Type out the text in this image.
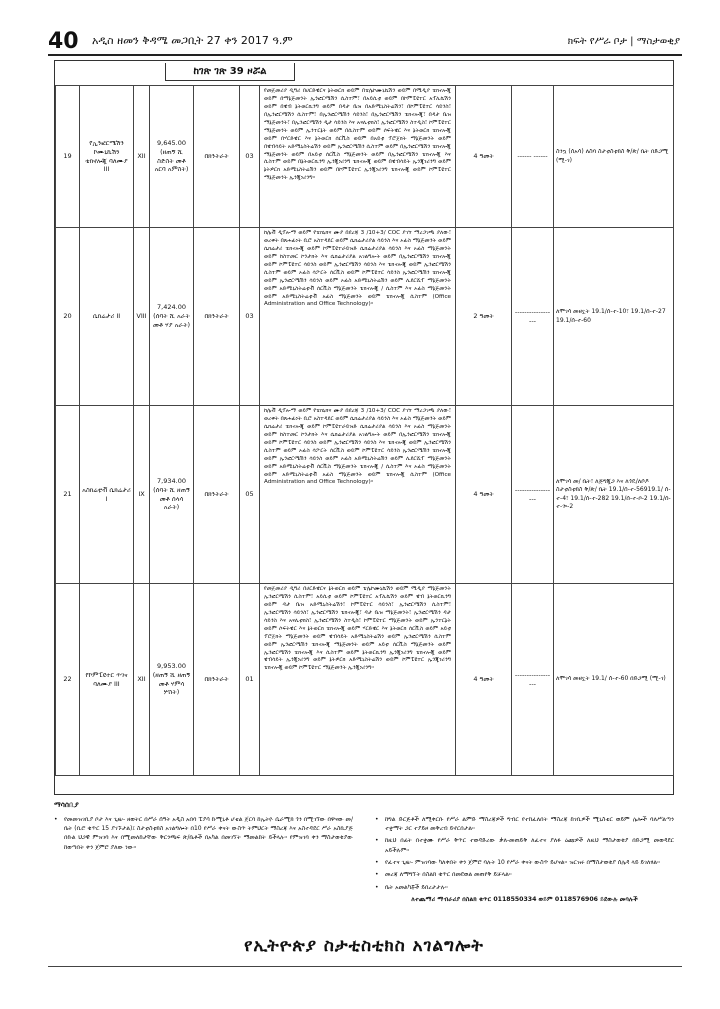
40	አዲስ ዘመን ቅዳሜ መጋቢት 27 ቀን 2017 ዓ.ም	ክፍት የሥራ ቦታ | ማስታወቂያ
ከገጽ ገጽ 39 ዞሯል
19	የኢንፎርሜሽን ኮሙኒኬሽን ቴክኖሎጂ ባለሙያ III	XII	9,645.00 (ዘጠኝ ሺ ስድስት መቶ አርባ አምስት)	በክንትራት	03	የመጀመሪያ ዲግሪ በሀርድዌርና ኔትወርክ ወይም በቴሌኮሙኒኬሽን ወይም በሚዲያ ቴክኖሎጂ ወይም በማኔጅመንት ኢንፎርሜሽን ሲስተም፣ በአይሲቲ ወይም በኮምፒዩተር አፕሊኬሽን ወይም በዌብ ኔትወርኪንግ ወይም በዳታ ቤዝ በአድሚኒስትሬሽን፣ በኮምፒዩተር ሳይንስ፣ በኢንፎርሜሽን ሲስተም፣ በኢንፎርሜሽን ሳይንስ፣ በኢንፎርሜሽን ቴክኖሎጂ፣ በዳታ ቤዝ ማኔጅመንት፣ በኢንፎርሜሽን ዲታ ሳይንስ እና አናሊቲክስ፣ ኢንፎርሜሽን ስተዲስ፣ ኮምፒዩተር ማኔጅመንት ወይም ኢንተርኔት ወይም በሲስተም ወይም ሶፍትዌር እና ኔትወርክ ቴክኖሎጂ ወይም በሃርድዌር እና ኔትወርክ ሰርቪስ ወይም በአይቲ ፕሮጀክት ማኔጅመንት ወይም በዌብሳይት አድሚኒስትሬሽን ወይም ኢንፎርሜሽን ሲስተም ወይም በኢንፎርሜሽን ቴክኖሎጂ ማኔጅመንት ወይም በአይቲ ሰርቪስ ማኔጅመንት ወይም በኢንፎርሜሽን ቴክኖሎጂ እና ሲስተም ወይም በኔትወርኪንግ ኢንጂነሪንግ ቴክኖሎጂ ወይም በዌብሳይት ኢንጂነሪንግ ወይም ኔትዎርክ አድሚኒስትሬሽን ወይም በኮምፒዩተር ኢንጂነሪንግ ቴክኖሎጂ ወይም ኮምፒዩተር ማኔጅመንት ኢንጂነሪንግ።	4 ዓመት	------ ------	ስንኳ (ሰአሳ) ለስባ ስታቲስቲክስ ቅ/ጽ/ ቤት በድጋሚ (ሚ-ገ)
20	ሴክሬታሪ II	VIII	7,424.00 (ሰባት ሺ አራት መቶ ሃያ አራት)	በክንትራት	03	ከሌቭ ዲፕሎማ ወይም የቴክኒክና ሙያ በደረጃ 3 /10+3/ COC ያገኘ ማረጋገጫ ያለው፣ ወረቀት በጸሐፊነት ቢሮ አስተዳደር ወይም ሴክሬታሪያል ሳይንስ እና ኦፊስ ማኔጅመንት ወይም ሴክሬታሪ ቴክኖሎጂ ወይም ኮምፒዩተራይዝድ ሴክሬታሪያል ሳይንስ እና ኦፊስ ማኔጅመንት ወይም ከስተመር ኮንታክት እና ሴክሬታሪያል አገልግሎት ወይም በኢንፎርሜሽን ቴክኖሎጂ ወይም ኮምፒዩተር ሳይንስ ወይም ኢንፎርሜሽን ሳይንስ እና ቴክኖሎጂ ወይም ኢንፎርሜሽን ሲስተም ወይም ኦፊስ ሳፖርት ሰርቪስ ወይም ኮምፒዩተር ሳይንስ ኢንፎርሜሽን ቴክኖሎጂ ወይም ኢንፎርሜሽን ሳይንስ ወይም ኦፊስ አድሚኒስትሬሽን ወይም ሊደርሺፕ ማኔጅመንት ወይም አድሚኒስትሬቲቭ ሰርቪስ ማኔጅመንት ቴክኖሎጂ / ሲስተም እና ኦፊስ ማኔጅመንት ወይም አድሚኒስትሬቲቭ አፊስ ማኔጅመንት ወይም ቴክኖሎጂ ሲስተም (Office Administration and Office Technology)።	2 ዓመት	------------------	ለሞገሳ መዘኗት 19.1/ሰ-ተ-10፣ 19.1/ሰ-ተ-27 19.1/ሰ-ተ-60
21	አስክሬቲቭ ሴክሬታሪ I	IX	7,934.00 (ሰባት ሺ ዘጠኝ መቶ ሰላሳ አራት)	በክንትራት	05	ከሌቭ ዲፕሎማ ወይም የቴክኒክና ሙያ በደረጃ 3 /10+3/ COC ያገኘ ማረጋገጫ ያለው፣ ወረቀት በጸሐፊነት ቢሮ አስተዳደር ወይም ሴክሬታሪያል ሳይንስ እና ኦፊስ ማኔጅመንት ወይም ሴክሬታሪ ቴክኖሎጂ ወይም ኮምፒዩተራይዝድ ሴክሬታሪያል ሳይንስ እና ኦፊስ ማኔጅመንት ወይም ከስተመር ኮንታክት እና ሴክሬታሪያል አገልግሎት ወይም በኢንፎርሜሽን ቴክኖሎጂ ወይም ኮምፒዩተር ሳይንስ ወይም ኢንፎርሜሽን ሳይንስ እና ቴክኖሎጂ ወይም ኢንፎርሜሽን ሲስተም ወይም ኦፊስ ሳፖርት ሰርቪስ ወይም ኮምፒዩተር ሳይንስ ኢንፎርሜሽን ቴክኖሎጂ ወይም ኢንፎርሜሽን ሳይንስ ወይም ኦፊስ አድሚኒስትሬሽን ወይም ሊደርሺፕ ማኔጅመንት ወይም አድሚኒስትሬቲቭ ሰርቪስ ማኔጅመንት ቴክኖሎጂ / ሲስተም እና ኦፊስ ማኔጅመንት ወይም አድሚኒስትሬቲቭ አፊስ ማኔጅመንት ወይም ቴክኖሎጂ ሲስተም (Office Administration and Office Technology)።	4 ዓመት	------------------	ለሞገሳ መ/ ቤት፣ ለጅግጂጋ እና ለጎዴ/ለሶዶ ስታቲስቲክስ ቅ/ጽ/ ቤት 19.1/ሰ-ተ-56919.1/ ሰ-ተ-4፣ 19.1/ሰ-ተ-282 19.1/ሰ-ተ-ቦ-2 19.1/ሰ-ተ-ጐ-2
22	የኮምፒዩተር ጥገና ባለሙያ III	XII	9,953.00 (ዘጠኝ ሺ ዘጠኝ መቶ ሃምሳ ሦስት)	በክንትራት	01	የመጀመሪያ ዲግሪ በሀርድዌርና ኔትወርክ ወይም ቴሌኮሙኒኬሽን ወይም ሚዲያ ማኔጅመንት ኢንፎርሜሽን ሲስተም፣ አይሲቲ ወይም ኮምፒዩተር አፕሊኬሽን ወይም ዌብ ኔትወርኪንግ ወይም ዳታ ቤዝ አድሚኒስትሬሽን፣ ኮምፒዩተር ሳይንስ፣ ኢንፎርሜሽን ሲስተም፣ ኢንፎርሜሽን ሳይንስ፣ ኢንፎርሜሽን ቴክኖሎጂ፣ ዳታ ቤዝ ማኔጅመንት፣ ኢንፎርሜሽን ዳታ ሳይንስ እና አናሊቲክስ፣ ኢንፎርሜሽን ስተዲስ፣ ኮምፒዩተር ማኔጅመንት ወይም ኢንተርኔት ወይም ሶፍትዌር እና ኔትወርክ ቴክኖሎጂ ወይም ሃርድዌር እና ኔትወርክ ሰርቪስ ወይም አይቲ ፕሮጀክት ማኔጅመንት ወይም ዌብሳይት አድሚኒስትሬሽን ወይም ኢንፎርሜሽን ሲስተም ወይም ኢንፎርሜሽን ቴክኖሎጂ ማኔጅመንት ወይም አይቲ ሰርቪስ ማኔጅመንት ወይም ኢንፎርሜሽን ቴክኖሎጂ እና ሲስተም ወይም ኔትወርኪንግ ኢንጂነሪንግ ቴክኖሎጂ ወይም ዌብሳይት ኢንጂነሪንግ ወይም ኔትዎርክ አድሚኒስትሬሽን ወይም ኮምፒዩተር ኢንጂነሪንግ ቴክኖሎጂ ወይም ኮምፒዩተር ማኔጅመንት ኢንጂነሪንግ።	4 ዓመት	------------------	ለሞገሳ መዘኗት 19.1/ ሰ-ተ-60 በድጋሚ (ሚ-ገ)
ማሳሰቢያ
• የመመዝገቢያ ቦታ እና ጊዜ፡- ዘወትር በሥራ ሰዓት አዲስ አበባ ፒያሳ ኩሚኒቶ ሆቴል ጀርባ ከኢትዮ ሴራሚክ ጎን በሚገኘው በዋናው መ/ቤት (ቢሮ ቁጥር 15 ያገኙታል)፤ ስታቲስቲክስ አገልግሎት በ10 የሥራ ቀናት ውስጥ ትምህርት ማስረጃ እና አስተዳደር ሥራ አስኪያጅ በኩል ህጋዊ ምዝገባ እና በሚመለከታቸው ቅርንጫፍ ጽ/ቤቶች በአካል በመገኘት ማመልከት ይችላሉ። የምዝገባ ቀን ማስታወቂያው ከወጣበት ቀን ጀምሮ ያለው ነው።
• ከግል ድርጅቶች ለሚቀርቡ የሥራ ልምድ ማስረጃዎች ግብር የተከፈለበት ማስረጃ ከገቢዎች ሚኒስቴር ወይም ሌሎች ባለሥልጣን ተቋማት ጋር ተያይዞ መቅረብ ይኖርበታል።
• ከዚህ በፊት በተቋሙ የሥራ ቅጥር ተወዳድረው ቃለ-መጠይቅ ለፈተና ያለፉ ዕጩዎች ለዚህ ማስታወቂያ በድጋሚ መወዳደር አይችሉም።
• የፈተና ጊዜ፡- ምዝገባው ካለቀበት ቀን ጀምሮ ባሉት 10 የሥራ ቀናት ውስጥ ይሆናል። ዝርዝሩ በማስታወቂያ ሰሌዳ ላይ ይገለፃል።
• መረጃ ለማግኘት በስልክ ቁጥር በመደወል መጠየቅ ይቻላል።
• ቤት አመልካቾች ይበረታታሉ።
ለተጨማሪ ማብራሪያ በስልክ ቁጥር 0118550334 ወይም 0118576906 ይደውሉ መባሉች
የኢትዮጵያ ስታቲስቲክስ አገልግሎት
